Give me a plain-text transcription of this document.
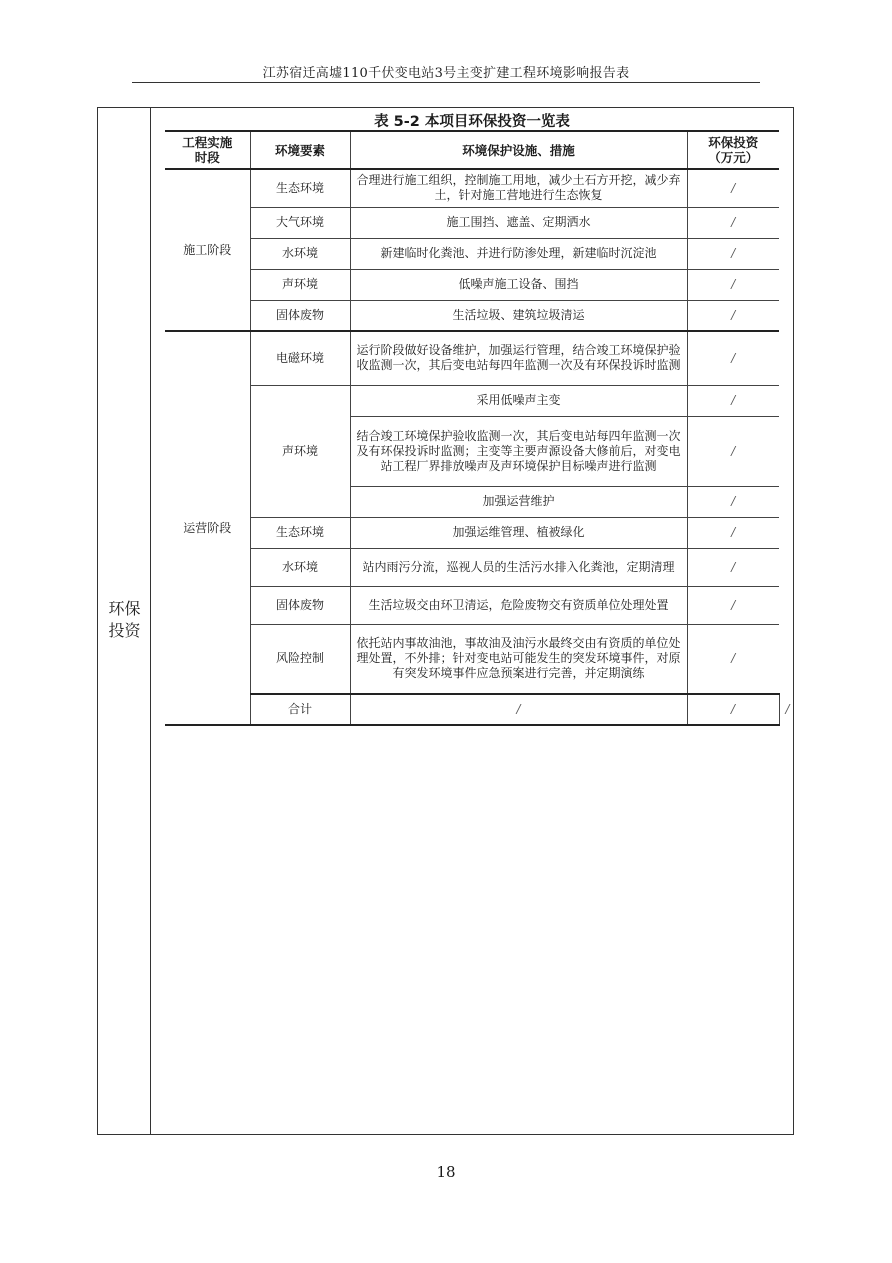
江苏宿迁高墟110千伏变电站3号主变扩建工程环境影响报告表
环保
投资
表 5-2 本项目环保投资一览表
工程实施时段	环境要素	环境保护设施、措施	环保投资（万元）	
施工阶段	生态环境	合理进行施工组织，控制施工用地，减少土石方开挖，减少弃土，针对施工营地进行生态恢复	/	
	大气环境	施工围挡、遮盖、定期洒水	/	
	水环境	新建临时化粪池、并进行防渗处理，新建临时沉淀池	/	
	声环境	低噪声施工设备、围挡	/	
	固体废物	生活垃圾、建筑垃圾清运	/	
运营阶段	电磁环境	运行阶段做好设备维护，加强运行管理，结合竣工环境保护验收监测一次，其后变电站每四年监测一次及有环保投诉时监测	/	
	声环境	采用低噪声主变	/	
		结合竣工环境保护验收监测一次，其后变电站每四年监测一次及有环保投诉时监测；主变等主要声源设备大修前后，对变电站工程厂界排放噪声及声环境保护目标噪声进行监测	/	
		加强运营维护	/	
	生态环境	加强运维管理、植被绿化	/	
	水环境	站内雨污分流，巡视人员的生活污水排入化粪池，定期清理	/	
	固体废物	生活垃圾交由环卫清运，危险废物交有资质单位处理处置	/	
	风险控制	依托站内事故油池，事故油及油污水最终交由有资质的单位处理处置，不外排；针对变电站可能发生的突发环境事件，对原有突发环境事件应急预案进行完善，并定期演练	/	
	合计	/	/	/
18
